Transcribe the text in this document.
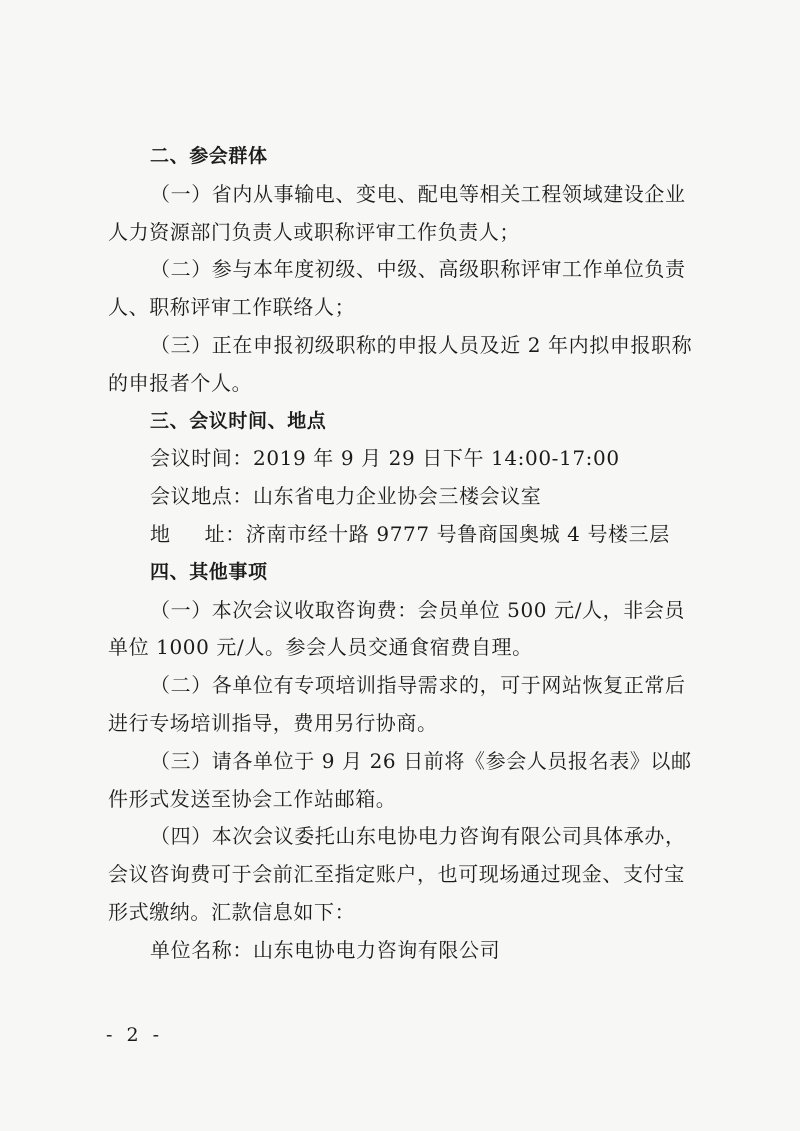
二、参会群体
（一）省内从事输电、变电、配电等相关工程领域建设企业
人力资源部门负责人或职称评审工作负责人；
（二）参与本年度初级、中级、高级职称评审工作单位负责
人、职称评审工作联络人；
（三）正在申报初级职称的申报人员及近 2 年内拟申报职称
的申报者个人。
三、会议时间、地点
会议时间：2019 年 9 月 29 日下午 14:00-17:00
会议地点：山东省电力企业协会三楼会议室
地 址：济南市经十路 9777 号鲁商国奥城 4 号楼三层
四、其他事项
（一）本次会议收取咨询费：会员单位 500 元/人，非会员
单位 1000 元/人。参会人员交通食宿费自理。
（二）各单位有专项培训指导需求的，可于网站恢复正常后
进行专场培训指导，费用另行协商。
（三）请各单位于 9 月 26 日前将《参会人员报名表》以邮
件形式发送至协会工作站邮箱。
（四）本次会议委托山东电协电力咨询有限公司具体承办，
会议咨询费可于会前汇至指定账户，也可现场通过现金、支付宝
形式缴纳。汇款信息如下：
单位名称：山东电协电力咨询有限公司
- 2 -
